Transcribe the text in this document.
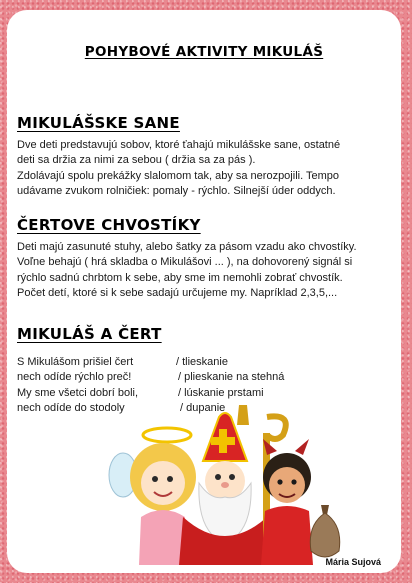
POHYBOVÉ AKTIVITY MIKULÁŠ
MIKULÁŠSKE SANE

Dve deti predstavujú sobov, ktoré ťahajú mikulášske sane, ostatné

deti sa držia za nimi za sebou ( držia sa za pás ).

Zdolávajú spolu prekážky slalomom tak, aby sa nerozpojili. Tempo

udávame zvukom rolničiek: pomaly - rýchlo. Silnejší úder oddych.

ČERTOVE CHVOSTÍKY

Deti majú zasunuté stuhy, alebo šatky za pásom vzadu ako chvostíky.

Voľne behajú ( hrá skladba o Mikulášovi ... ), na dohovorený signál si

rýchlo sadnú chrbtom k sebe, aby sme im nemohli zobrať chvostík.

Počet detí, ktoré si k sebe sadajú určujeme my. Napríklad 2,3,5,...

MIKULÁŠ A ČERT
S Mikulášom prišiel čert	/ tlieskanie
nech odíde rýchlo preč!	/ plieskanie na stehná
My sme všetci dobrí boli,	/ lúskanie prstami
nech odíde do stodoly	/ dupanie
Mária Sujová
